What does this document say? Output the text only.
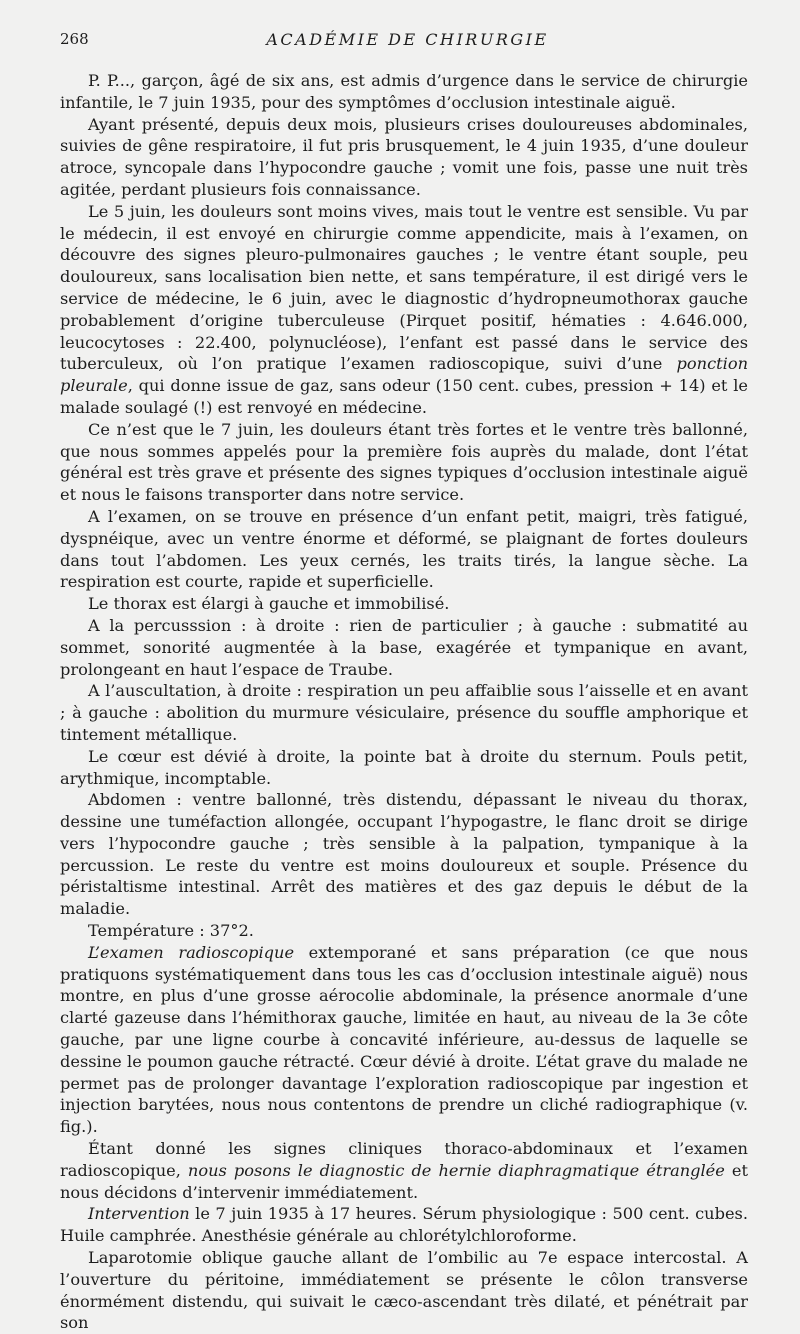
268	ACADÉMIE DE CHIRURGIE

P. P..., garçon, âgé de six ans, est admis d’urgence dans le service de chirurgie infantile, le 7 juin 1935, pour des symptômes d’occlusion intestinale aiguë.

Ayant présenté, depuis deux mois, plusieurs crises douloureuses abdominales, suivies de gêne respiratoire, il fut pris brusquement, le 4 juin 1935, d’une douleur atroce, syncopale dans l’hypocondre gauche ; vomit une fois, passe une nuit très agitée, perdant plusieurs fois connaissance.

Le 5 juin, les douleurs sont moins vives, mais tout le ventre est sensible. Vu par le médecin, il est envoyé en chirurgie comme appendicite, mais à l’examen, on découvre des signes pleuro-pulmonaires gauches ; le ventre étant souple, peu douloureux, sans localisation bien nette, et sans température, il est dirigé vers le service de médecine, le 6 juin, avec le diagnostic d’hydropneumothorax gauche probablement d’origine tuberculeuse (Pirquet positif, hématies : 4.646.000, leucocytoses : 22.400, polynucléose), l’enfant est passé dans le service des tuberculeux, où l’on pratique l’examen radioscopique, suivi d’une ponction pleurale, qui donne issue de gaz, sans odeur (150 cent. cubes, pression + 14) et le malade soulagé (!) est renvoyé en médecine.

Ce n’est que le 7 juin, les douleurs étant très fortes et le ventre très ballonné, que nous sommes appelés pour la première fois auprès du malade, dont l’état général est très grave et présente des signes typiques d’occlusion intestinale aiguë et nous le faisons transporter dans notre service.

A l’examen, on se trouve en présence d’un enfant petit, maigri, très fatigué, dyspnéique, avec un ventre énorme et déformé, se plaignant de fortes douleurs dans tout l’abdomen. Les yeux cernés, les traits tirés, la langue sèche. La respiration est courte, rapide et superficielle.

Le thorax est élargi à gauche et immobilisé.

A la percusssion : à droite : rien de particulier ; à gauche : submatité au sommet, sonorité augmentée à la base, exagérée et tympanique en avant, prolongeant en haut l’espace de Traube.

A l’auscultation, à droite : respiration un peu affaiblie sous l’aisselle et en avant ; à gauche : abolition du murmure vésiculaire, présence du souffle amphorique et tintement métallique.

Le cœur est dévié à droite, la pointe bat à droite du sternum. Pouls petit, arythmique, incomptable.

Abdomen : ventre ballonné, très distendu, dépassant le niveau du thorax, dessine une tuméfaction allongée, occupant l’hypogastre, le flanc droit se dirige vers l’hypocondre gauche ; très sensible à la palpation, tympanique à la percussion. Le reste du ventre est moins douloureux et souple. Présence du péristaltisme intestinal. Arrêt des matières et des gaz depuis le début de la maladie.

Température : 37°2.

L’examen radioscopique extemporané et sans préparation (ce que nous pratiquons systématiquement dans tous les cas d’occlusion intestinale aiguë) nous montre, en plus d’une grosse aérocolie abdominale, la présence anormale d’une clarté gazeuse dans l’hémithorax gauche, limitée en haut, au niveau de la 3e côte gauche, par une ligne courbe à concavité inférieure, au-dessus de laquelle se dessine le poumon gauche rétracté. Cœur dévié à droite. L’état grave du malade ne permet pas de prolonger davantage l’exploration radioscopique par ingestion et injection barytées, nous nous contentons de prendre un cliché radiographique (v. fig.).

Étant donné les signes cliniques thoraco-abdominaux et l’examen radioscopique, nous posons le diagnostic de hernie diaphragmatique étranglée et nous décidons d’intervenir immédiatement.

Intervention le 7 juin 1935 à 17 heures. Sérum physiologique : 500 cent. cubes. Huile camphrée. Anesthésie générale au chlorétylchloroforme.

Laparotomie oblique gauche allant de l’ombilic au 7e espace intercostal. A l’ouverture du péritoine, immédiatement se présente le côlon transverse énormément distendu, qui suivait le cæco-ascendant très dilaté, et pénétrait par son
